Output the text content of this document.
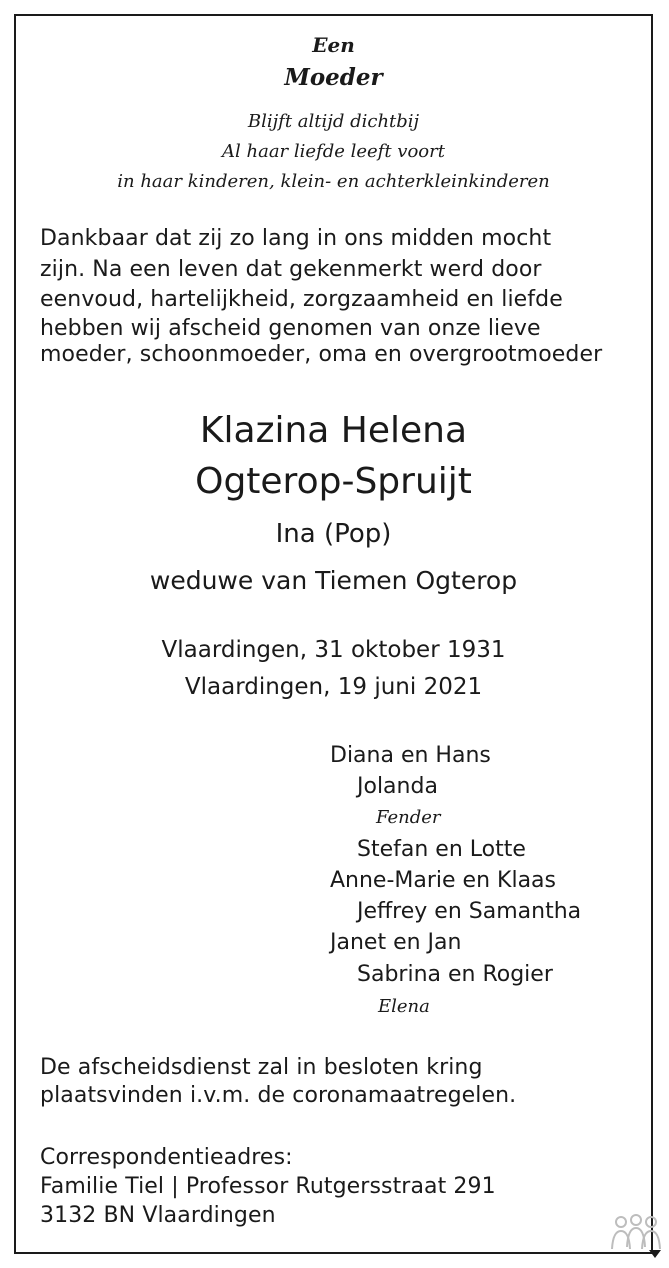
Een
Moeder
Blijft altijd dichtbij
Al haar liefde leeft voort
in haar kinderen, klein- en achterkleinkinderen
Dankbaar dat zij zo lang in ons midden mocht
zijn. Na een leven dat gekenmerkt werd door
eenvoud, hartelijkheid, zorgzaamheid en liefde
hebben wij afscheid genomen van onze lieve
moeder, schoonmoeder, oma en overgrootmoeder
Klazina Helena
Ogterop-Spruijt
Ina (Pop)
weduwe van Tiemen Ogterop
Vlaardingen, 31 oktober 1931
Vlaardingen, 19 juni 2021
Diana en Hans
Jolanda
Fender
Stefan en Lotte
Anne-Marie en Klaas
Jeffrey en Samantha
Janet en Jan
Sabrina en Rogier
Elena
De afscheidsdienst zal in besloten kring
plaatsvinden i.v.m. de coronamaatregelen.
Correspondentieadres:
Familie Tiel | Professor Rutgersstraat 291
3132 BN Vlaardingen
